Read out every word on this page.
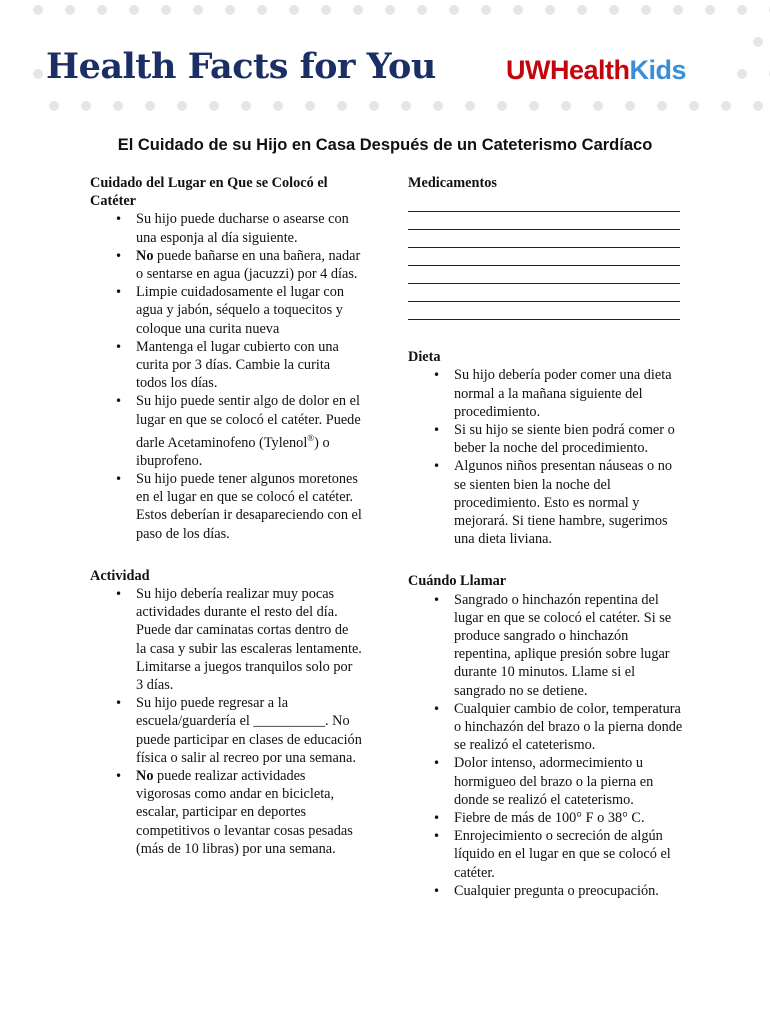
Health Facts for You	UWHealthKids
El Cuidado de su Hijo en Casa Después de un Cateterismo Cardíaco

Cuidado del Lugar en Que se Colocó el Catéter

• Su hijo puede ducharse o asearse con una esponja al día siguiente.
• No puede bañarse en una bañera, nadar o sentarse en agua (jacuzzi) por 4 días.
• Limpie cuidadosamente el lugar con agua y jabón, séquelo a toquecitos y coloque una curita nueva
• Mantenga el lugar cubierto con una curita por 3 días. Cambie la curita todos los días.
• Su hijo puede sentir algo de dolor en el lugar en que se colocó el catéter. Puede darle Acetaminofeno (Tylenol®) o ibuprofeno.
• Su hijo puede tener algunos moretones en el lugar en que se colocó el catéter. Estos deberían ir desapareciendo con el paso de los días.

Actividad

• Su hijo debería realizar muy pocas actividades durante el resto del día. Puede dar caminatas cortas dentro de la casa y subir las escaleras lentamente. Limitarse a juegos tranquilos solo por 3 días.
• Su hijo puede regresar a la escuela/guardería el __________. No puede participar en clases de educación física o salir al recreo por una semana.
• No puede realizar actividades vigorosas como andar en bicicleta, escalar, participar en deportes competitivos o levantar cosas pesadas (más de 10 libras) por una semana.

Medicamentos

Dieta

• Su hijo debería poder comer una dieta normal a la mañana siguiente del procedimiento.
• Si su hijo se siente bien podrá comer o beber la noche del procedimiento.
• Algunos niños presentan náuseas o no se sienten bien la noche del procedimiento. Esto es normal y mejorará. Si tiene hambre, sugerimos una dieta liviana.

Cuándo Llamar

• Sangrado o hinchazón repentina del lugar en que se colocó el catéter. Si se produce sangrado o hinchazón repentina, aplique presión sobre lugar durante 10 minutos. Llame si el sangrado no se detiene.
• Cualquier cambio de color, temperatura o hinchazón del brazo o la pierna donde se realizó el cateterismo.
• Dolor intenso, adormecimiento u hormigueo del brazo o la pierna en donde se realizó el cateterismo.
• Fiebre de más de 100° F o 38° C.
• Enrojecimiento o secreción de algún líquido en el lugar en que se colocó el catéter.
• Cualquier pregunta o preocupación.
